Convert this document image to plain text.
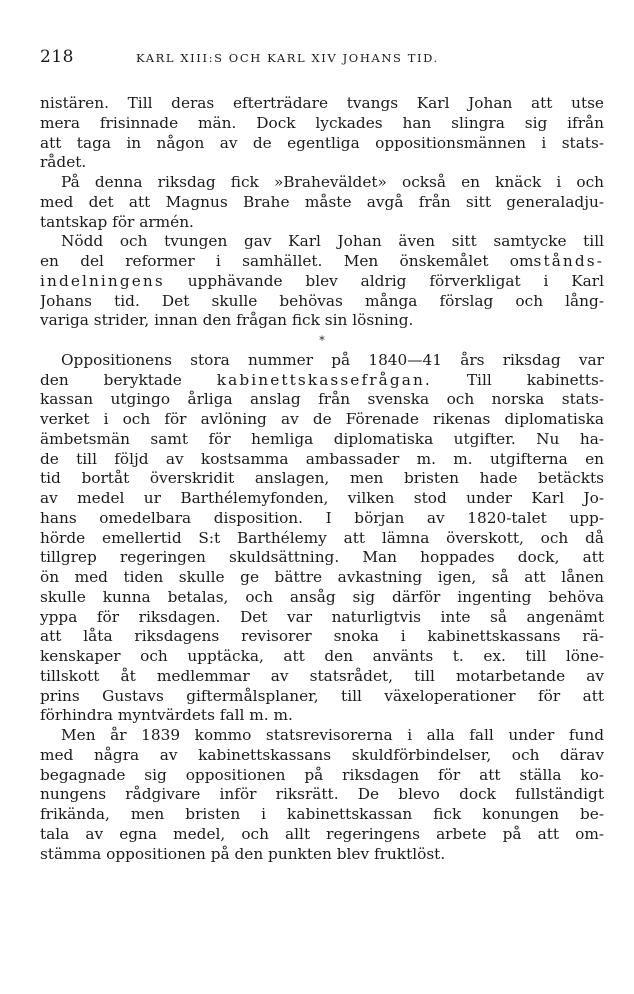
218	KARL XIII:S OCH KARL XIV JOHANS TID.
nistären. Till deras efterträdare tvangs Karl Johan att utse
mera frisinnade män. Dock lyckades han slingra sig ifrån
att taga in någon av de egentliga oppositionsmännen i stats-
rådet.
På denna riksdag fick »Braheväldet» också en knäck i och
med det att Magnus Brahe måste avgå från sitt generaladju-
tantskap för armén.
Nödd och tvungen gav Karl Johan även sitt samtycke till
en del reformer i samhället. Men önskemålet omstånds-
indelningens upphävande blev aldrig förverkligat i Karl
Johans tid. Det skulle behövas många förslag och lång-
variga strider, innan den frågan fick sin lösning.
*
Oppositionens stora nummer på 1840—41 års riksdag var
den beryktade kabinettskassefrågan. Till kabinetts-
kassan utgingo årliga anslag från svenska och norska stats-
verket i och för avlöning av de Förenade rikenas diplomatiska
ämbetsmän samt för hemliga diplomatiska utgifter. Nu ha-
de till följd av kostsamma ambassader m. m. utgifterna en
tid bortåt överskridit anslagen, men bristen hade betäckts
av medel ur Barthélemyfonden, vilken stod under Karl Jo-
hans omedelbara disposition. I början av 1820-talet upp-
hörde emellertid S:t Barthélemy att lämna överskott, och då
tillgrep regeringen skuldsättning. Man hoppades dock, att
ön med tiden skulle ge bättre avkastning igen, så att lånen
skulle kunna betalas, och ansåg sig därför ingenting behöva
yppa för riksdagen. Det var naturligtvis inte så angenämt
att låta riksdagens revisorer snoka i kabinettskassans rä-
kenskaper och upptäcka, att den använts t. ex. till löne-
tillskott åt medlemmar av statsrådet, till motarbetande av
prins Gustavs giftermålsplaner, till växeloperationer för att
förhindra myntvärdets fall m. m.
Men år 1839 kommo statsrevisorerna i alla fall under fund
med några av kabinettskassans skuldförbindelser, och därav
begagnade sig oppositionen på riksdagen för att ställa ko-
nungens rådgivare inför riksrätt. De blevo dock fullständigt
frikända, men bristen i kabinettskassan fick konungen be-
tala av egna medel, och allt regeringens arbete på att om-
stämma oppositionen på den punkten blev fruktlöst.
